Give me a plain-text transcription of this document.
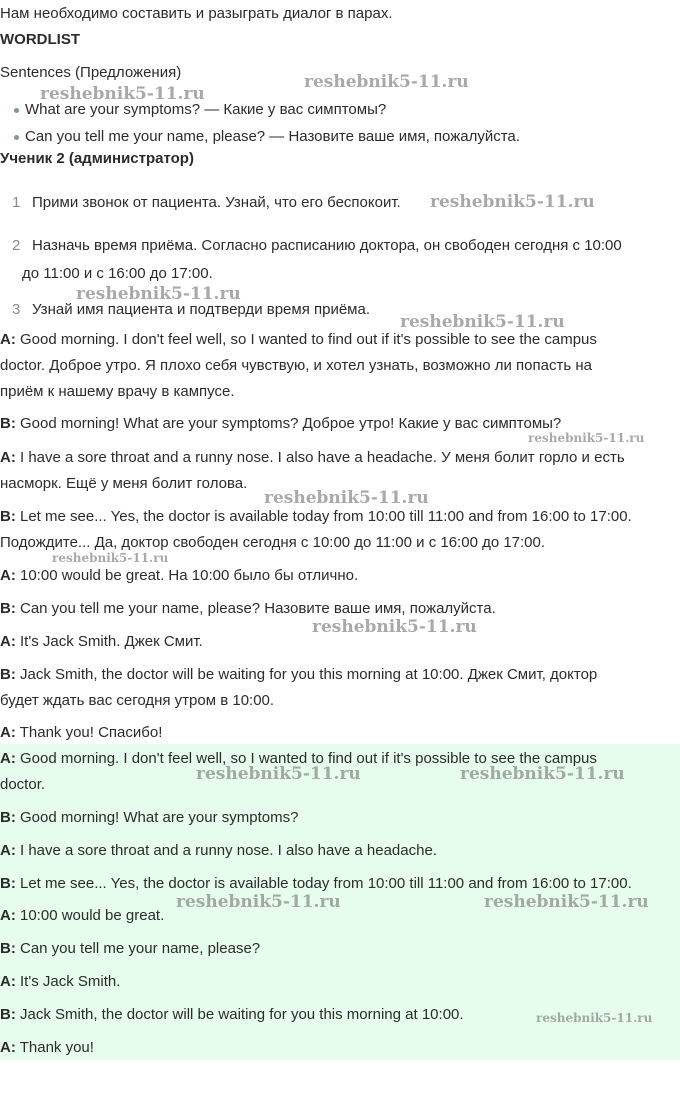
Нам необходимо составить и разыграть диалог в парах.
WORDLIST
Sentences (Предложения)
What are your symptoms? — Какие у вас симптомы?
Can you tell me your name, please? — Назовите ваше имя, пожалуйста.
Ученик 2 (администратор)
1 Прими звонок от пациента. Узнай, что его беспокоит.
2 Назначь время приёма. Согласно расписанию доктора, он свободен сегодня с 10:00
до 11:00 и с 16:00 до 17:00.
3 Узнай имя пациента и подтверди время приёма.
A: Good morning. I don't feel well, so I wanted to find out if it's possible to see the campus
doctor. Доброе утро. Я плохо себя чувствую, и хотел узнать, возможно ли попасть на
приём к нашему врачу в кампусе.
B: Good morning! What are your symptoms? Доброе утро! Какие у вас симптомы?
A: I have a sore throat and a runny nose. I also have a headache. У меня болит горло и есть
насморк. Ещё у меня болит голова.
B: Let me see... Yes, the doctor is available today from 10:00 till 11:00 and from 16:00 to 17:00.
Подождите... Да, доктор свободен сегодня с 10:00 до 11:00 и с 16:00 до 17:00.
A: 10:00 would be great. На 10:00 было бы отлично.
B: Can you tell me your name, please? Назовите ваше имя, пожалуйста.
A: It's Jack Smith. Джек Смит.
B: Jack Smith, the doctor will be waiting for you this morning at 10:00. Джек Смит, доктор
будет ждать вас сегодня утром в 10:00.
A: Thank you! Спасибо!
A: Good morning. I don't feel well, so I wanted to find out if it's possible to see the campus
doctor.
B: Good morning! What are your symptoms?
A: I have a sore throat and a runny nose. I also have a headache.
B: Let me see... Yes, the doctor is available today from 10:00 till 11:00 and from 16:00 to 17:00.
A: 10:00 would be great.
B: Can you tell me your name, please?
A: It's Jack Smith.
B: Jack Smith, the doctor will be waiting for you this morning at 10:00.
A: Thank you!
reshebnik5-11.ru
reshebnik5-11.ru
reshebnik5-11.ru
reshebnik5-11.ru
reshebnik5-11.ru
reshebnik5-11.ru
reshebnik5-11.ru
reshebnik5-11.ru
reshebnik5-11.ru
reshebnik5-11.ru	reshebnik5-11.ru
reshebnik5-11.ru	reshebnik5-11.ru
reshebnik5-11.ru
